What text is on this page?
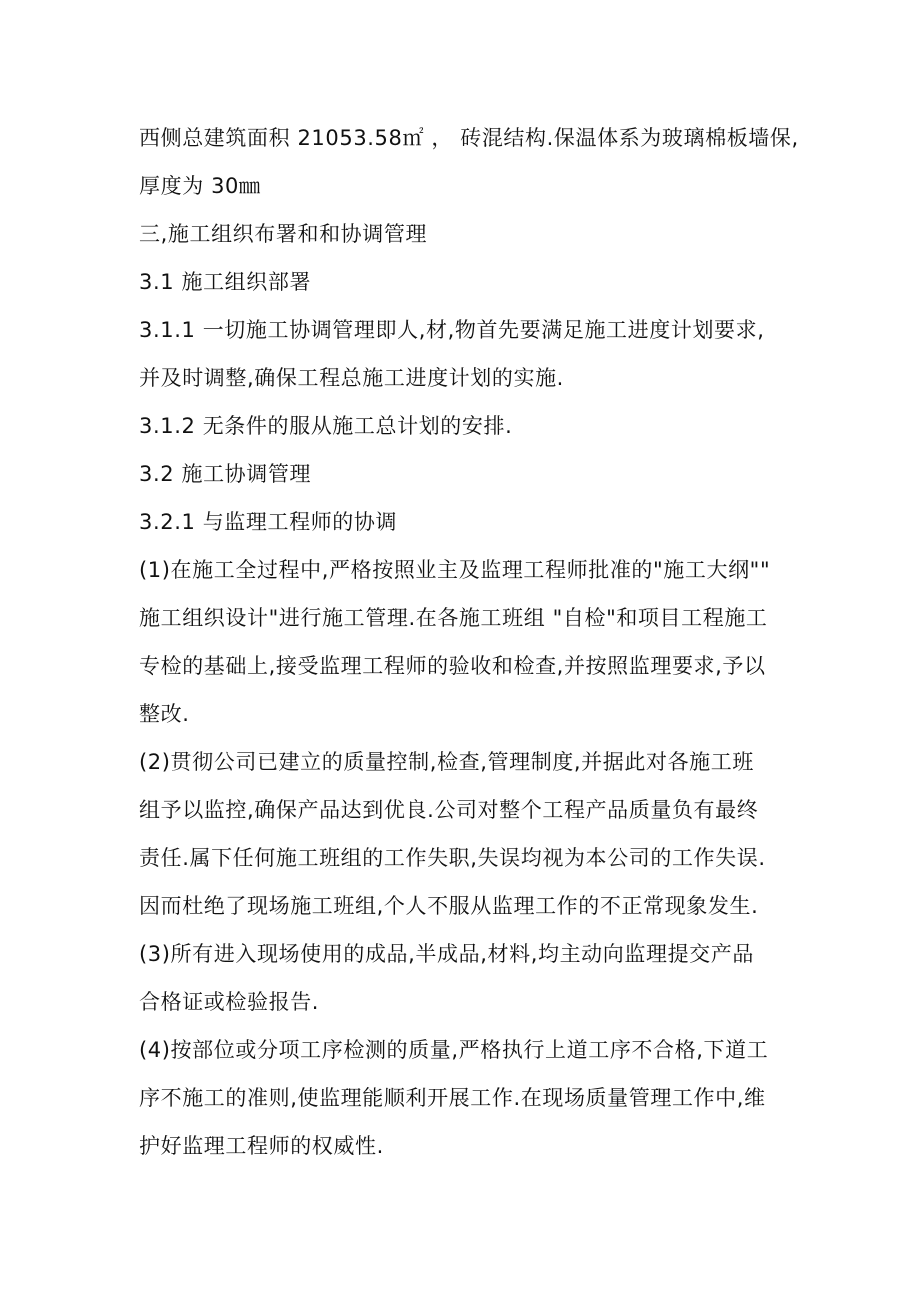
西侧总建筑面积 21053.58㎡ ， 砖混结构.保温体系为玻璃棉板墙保,
厚度为 30㎜
三,施工组织布署和和协调管理
3.1 施工组织部署
3.1.1 一切施工协调管理即人,材,物首先要满足施工进度计划要求,
并及时调整,确保工程总施工进度计划的实施.
3.1.2 无条件的服从施工总计划的安排.
3.2 施工协调管理
3.2.1 与监理工程师的协调
(1)在施工全过程中,严格按照业主及监理工程师批准的"施工大纲""
施工组织设计"进行施工管理.在各施工班组 "自检"和项目工程施工
专检的基础上,接受监理工程师的验收和检查,并按照监理要求,予以
整改.
(2)贯彻公司已建立的质量控制,检查,管理制度,并据此对各施工班
组予以监控,确保产品达到优良.公司对整个工程产品质量负有最终
责任.属下任何施工班组的工作失职,失误均视为本公司的工作失误.
因而杜绝了现场施工班组,个人不服从监理工作的不正常现象发生.
(3)所有进入现场使用的成品,半成品,材料,均主动向监理提交产品
合格证或检验报告.
(4)按部位或分项工序检测的质量,严格执行上道工序不合格,下道工
序不施工的准则,使监理能顺利开展工作.在现场质量管理工作中,维
护好监理工程师的权威性.
